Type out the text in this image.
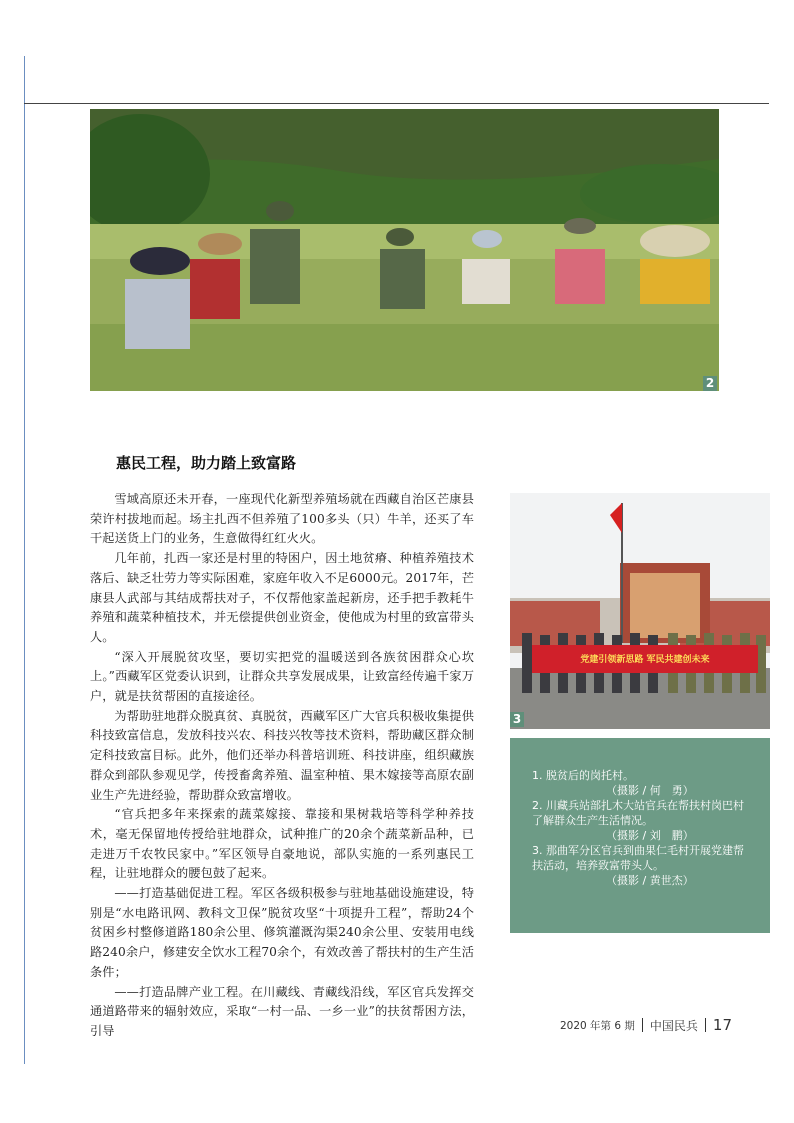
2
惠民工程，助力踏上致富路

雪域高原还未开春，一座现代化新型养殖场就在西藏自治区芒康县荣许村拔地而起。场主扎西不但养殖了100多头（只）牛羊，还买了车干起送货上门的业务，生意做得红红火火。

几年前，扎西一家还是村里的特困户，因土地贫瘠、种植养殖技术落后、缺乏壮劳力等实际困难，家庭年收入不足6000元。2017年，芒康县人武部与其结成帮扶对子，不仅帮他家盖起新房，还手把手教耗牛养殖和蔬菜种植技术，并无偿提供创业资金，使他成为村里的致富带头人。

“深入开展脱贫攻坚，要切实把党的温暖送到各族贫困群众心坎上。”西藏军区党委认识到，让群众共享发展成果，让致富经传遍千家万户，就是扶贫帮困的直接途径。

为帮助驻地群众脱真贫、真脱贫，西藏军区广大官兵积极收集提供科技致富信息，发放科技兴农、科技兴牧等技术资料，帮助藏区群众制定科技致富目标。此外，他们还举办科普培训班、科技讲座，组织藏族群众到部队参观见学，传授畜禽养殖、温室种植、果木嫁接等高原农副业生产先进经验，帮助群众致富增收。

“官兵把多年来探索的蔬菜嫁接、靠接和果树栽培等科学种养技术，毫无保留地传授给驻地群众，试种推广的20余个蔬菜新品种，已走进万千农牧民家中。”军区领导自豪地说，部队实施的一系列惠民工程，让驻地群众的腰包鼓了起来。

——打造基础促进工程。军区各级积极参与驻地基础设施建设，特别是“水电路讯网、教科文卫保”脱贫攻坚“十项提升工程”，帮助24个贫困乡村整修道路180余公里、修筑灌溉沟渠240余公里、安装用电线路240余户，修建安全饮水工程70余个，有效改善了帮扶村的生产生活条件；

——打造品牌产业工程。在川藏线、青藏线沿线，军区官兵发挥交通道路带来的辐射效应，采取“一村一品、一乡一业”的扶贫帮困方法，引导

党建引领新思路 军民共建创未来
3

1. 脱贫后的岗托村。

（摄影 / 何　勇）

2. 川藏兵站部扎木大站官兵在帮扶村岗巴村了解群众生产生活情况。

（摄影 / 刘　鹏）

3. 那曲军分区官兵到曲果仁毛村开展党建帮扶活动，培养致富带头人。

（摄影 / 黄世杰）

2020 年第 6 期 中国民兵 17
